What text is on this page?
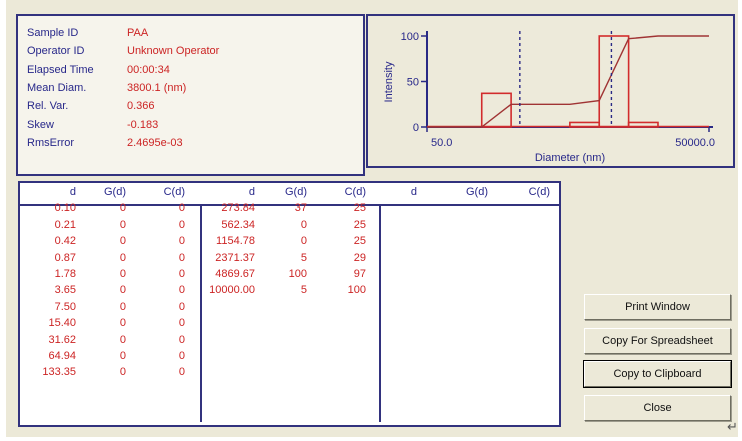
Sample ID	PAA
Operator ID	Unknown Operator
Elapsed Time	00:00:34
Mean Diam.	3800.1 (nm)
Rel. Var.	0.366
Skew	-0.183
RmsError	2.4695e-03
0
50
100
Intensity
50.0	50000.0
Diameter (nm)
d	G(d)	C(d)
0.10	0	0
0.21	0	0
0.42	0	0
0.87	0	0
1.78	0	0
3.65	0	0
7.50	0	0
15.40	0	0
31.62	0	0
64.94	0	0
133.35	0	0
d	G(d)	C(d)
273.84	37	25
562.34	0	25
1154.78	0	25
2371.37	5	29
4869.67	100	97
10000.00	5	100
d	G(d)	C(d)
Print Window
Copy For Spreadsheet
Copy to Clipboard
Close
↵
